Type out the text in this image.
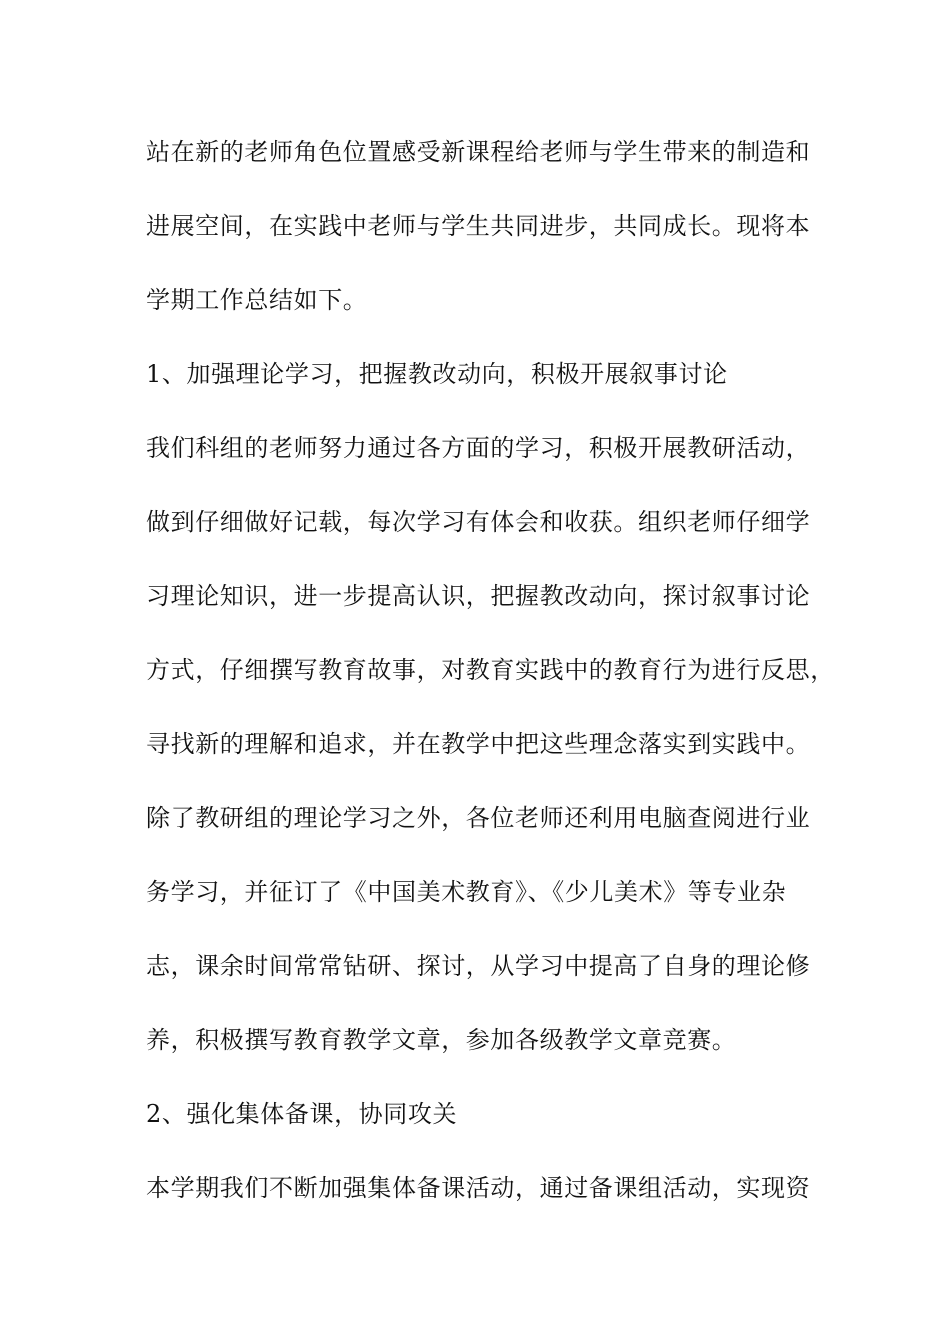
站在新的老师角色位置感受新课程给老师与学生带来的制造和
进展空间，在实践中老师与学生共同进步，共同成长。现将本
学期工作总结如下。
1、加强理论学习，把握教改动向，积极开展叙事讨论
我们科组的老师努力通过各方面的学习，积极开展教研活动，
做到仔细做好记载，每次学习有体会和收获。组织老师仔细学
习理论知识，进一步提高认识，把握教改动向，探讨叙事讨论
方式，仔细撰写教育故事，对教育实践中的教育行为进行反思，
寻找新的理解和追求，并在教学中把这些理念落实到实践中。
除了教研组的理论学习之外，各位老师还利用电脑查阅进行业
务学习，并征订了《中国美术教育》、《少儿美术》等专业杂
志，课余时间常常钻研、探讨，从学习中提高了自身的理论修
养，积极撰写教育教学文章，参加各级教学文章竞赛。
2、强化集体备课，协同攻关
本学期我们不断加强集体备课活动，通过备课组活动，实现资
